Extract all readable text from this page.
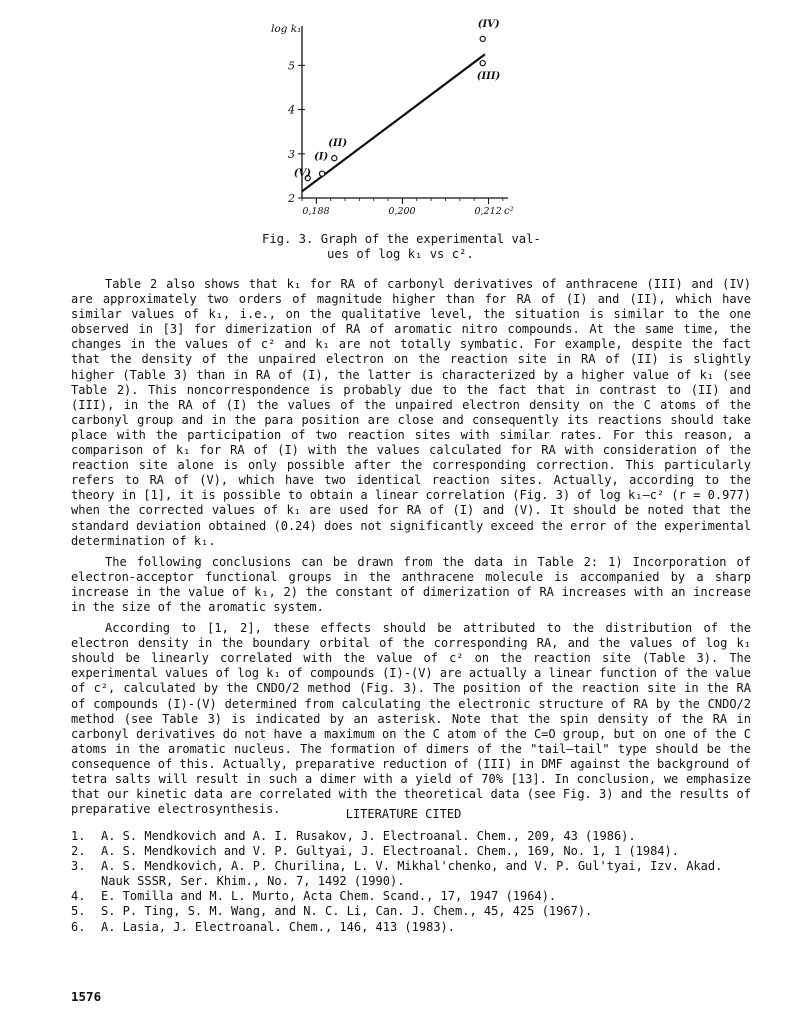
2
3
4
5
0,188	0,200	0,212
log k₁
c²
(V)
(I)
(II)
(III)
(IV)
Fig. 3. Graph of the experimental val-
ues of log k₁ vs c².

Table 2 also shows that k₁ for RA of carbonyl derivatives of anthracene (III) and (IV) are approximately two orders of magnitude higher than for RA of (I) and (II), which have similar values of k₁, i.e., on the qualitative level, the situation is similar to the one observed in [3] for dimerization of RA of aromatic nitro compounds. At the same time, the changes in the values of c² and k₁ are not totally symbatic. For example, despite the fact that the density of the unpaired electron on the reaction site in RA of (II) is slightly higher (Table 3) than in RA of (I), the latter is characterized by a higher value of k₁ (see Table 2). This noncorrespondence is probably due to the fact that in contrast to (II) and (III), in the RA of (I) the values of the unpaired electron density on the C atoms of the carbonyl group and in the para position are close and consequently its reactions should take place with the participation of two reaction sites with similar rates. For this reason, a comparison of k₁ for RA of (I) with the values calculated for RA with consideration of the reaction site alone is only possible after the corresponding correction. This particularly refers to RA of (V), which have two identical reaction sites. Actually, according to the theory in [1], it is possible to obtain a linear correlation (Fig. 3) of log k₁–c² (r = 0.977) when the corrected values of k₁ are used for RA of (I) and (V). It should be noted that the standard deviation obtained (0.24) does not significantly exceed the error of the experimental determination of k₁.

The following conclusions can be drawn from the data in Table 2: 1) Incorporation of electron-acceptor functional groups in the anthracene molecule is accompanied by a sharp increase in the value of k₁, 2) the constant of dimerization of RA increases with an increase in the size of the aromatic system.

According to [1, 2], these effects should be attributed to the distribution of the electron density in the boundary orbital of the corresponding RA, and the values of log k₁ should be linearly correlated with the value of c² on the reaction site (Table 3). The experimental values of log k₁ of compounds (I)-(V) are actually a linear function of the value of c², calculated by the CNDO/2 method (Fig. 3). The position of the reaction site in the RA of compounds (I)-(V) determined from calculating the electronic structure of RA by the CNDO/2 method (see Table 3) is indicated by an asterisk. Note that the spin density of the RA in carbonyl derivatives do not have a maximum on the C atom of the C=O group, but on one of the C atoms in the aromatic nucleus. The formation of dimers of the "tail–tail" type should be the consequence of this. Actually, preparative reduction of (III) in DMF against the background of tetra salts will result in such a dimer with a yield of 70% [13]. In conclusion, we emphasize that our kinetic data are correlated with the theoretical data (see Fig. 3) and the results of preparative electrosynthesis.	LITERATURE CITED
1. A. S. Mendkovich and A. I. Rusakov, J. Electroanal. Chem., 209, 43 (1986).
2. A. S. Mendkovich and V. P. Gultyai, J. Electroanal. Chem., 169, No. 1, 1 (1984).
3. A. S. Mendkovich, A. P. Churilina, L. V. Mikhal'chenko, and V. P. Gul'tyai, Izv. Akad. Nauk SSSR, Ser. Khim., No. 7, 1492 (1990).
4. E. Tomilla and M. L. Murto, Acta Chem. Scand., 17, 1947 (1964).
5. S. P. Ting, S. M. Wang, and N. C. Li, Can. J. Chem., 45, 425 (1967).
6. A. Lasia, J. Electroanal. Chem., 146, 413 (1983).
1576
